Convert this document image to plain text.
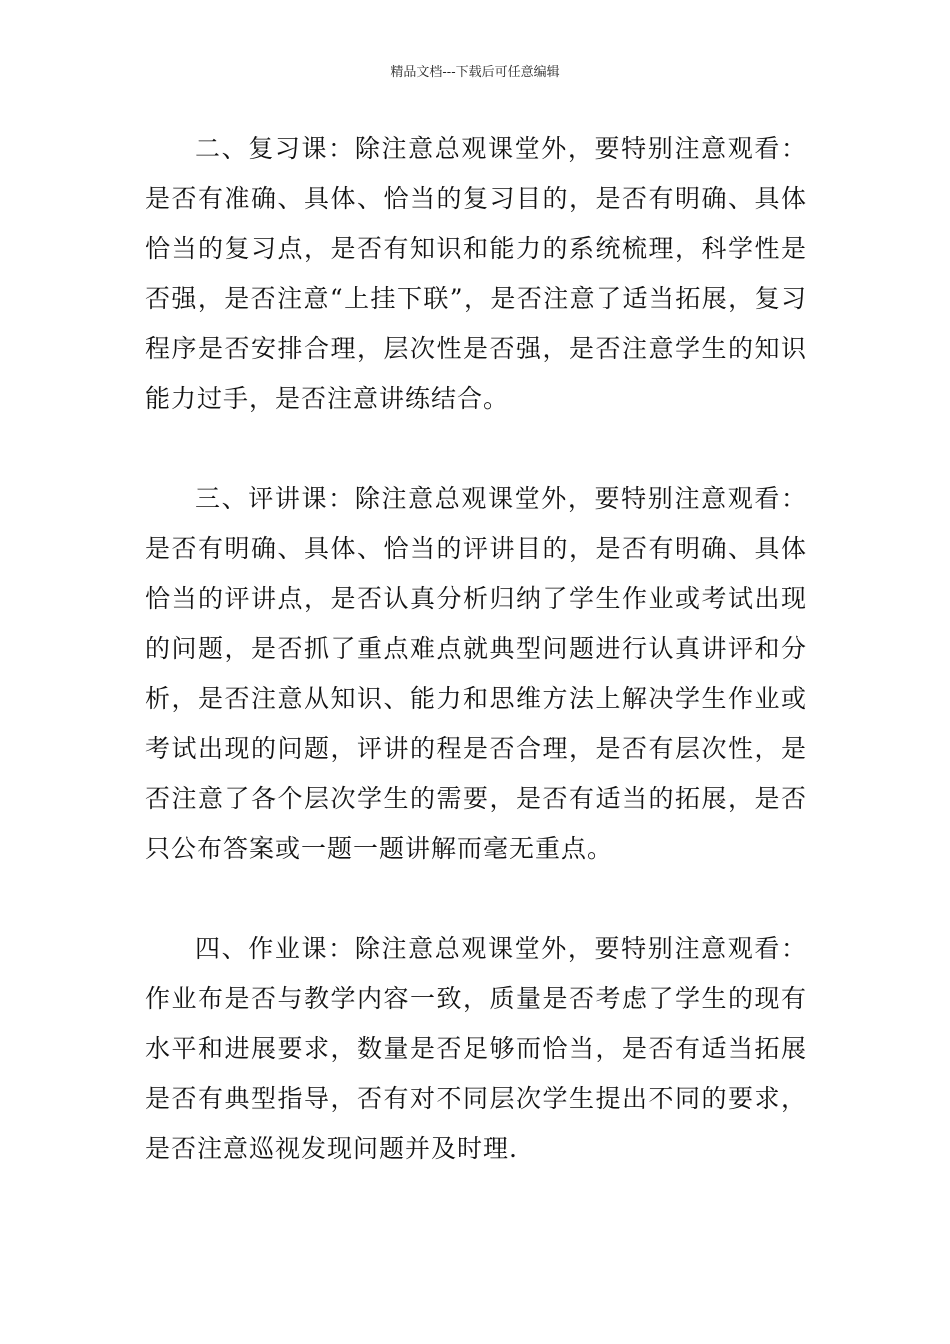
精品文档---下载后可任意编辑

二、复习课：除注意总观课堂外，要特别注意观看：是否有准确、具体、恰当的复习目的，是否有明确、具体恰当的复习点，是否有知识和能力的系统梳理，科学性是否强，是否注意“上挂下联”，是否注意了适当拓展，复习程序是否安排合理，层次性是否强，是否注意学生的知识能力过手，是否注意讲练结合。

三、评讲课：除注意总观课堂外，要特别注意观看：是否有明确、具体、恰当的评讲目的，是否有明确、具体恰当的评讲点，是否认真分析归纳了学生作业或考试出现的问题，是否抓了重点难点就典型问题进行认真讲评和分析，是否注意从知识、能力和思维方法上解决学生作业或考试出现的问题，评讲的程是否合理，是否有层次性，是否注意了各个层次学生的需要，是否有适当的拓展，是否只公布答案或一题一题讲解而毫无重点。

四、作业课：除注意总观课堂外，要特别注意观看：作业布是否与教学内容一致，质量是否考虑了学生的现有水平和进展要求，数量是否足够而恰当，是否有适当拓展是否有典型指导，否有对不同层次学生提出不同的要求，是否注意巡视发现问题并及时理.
